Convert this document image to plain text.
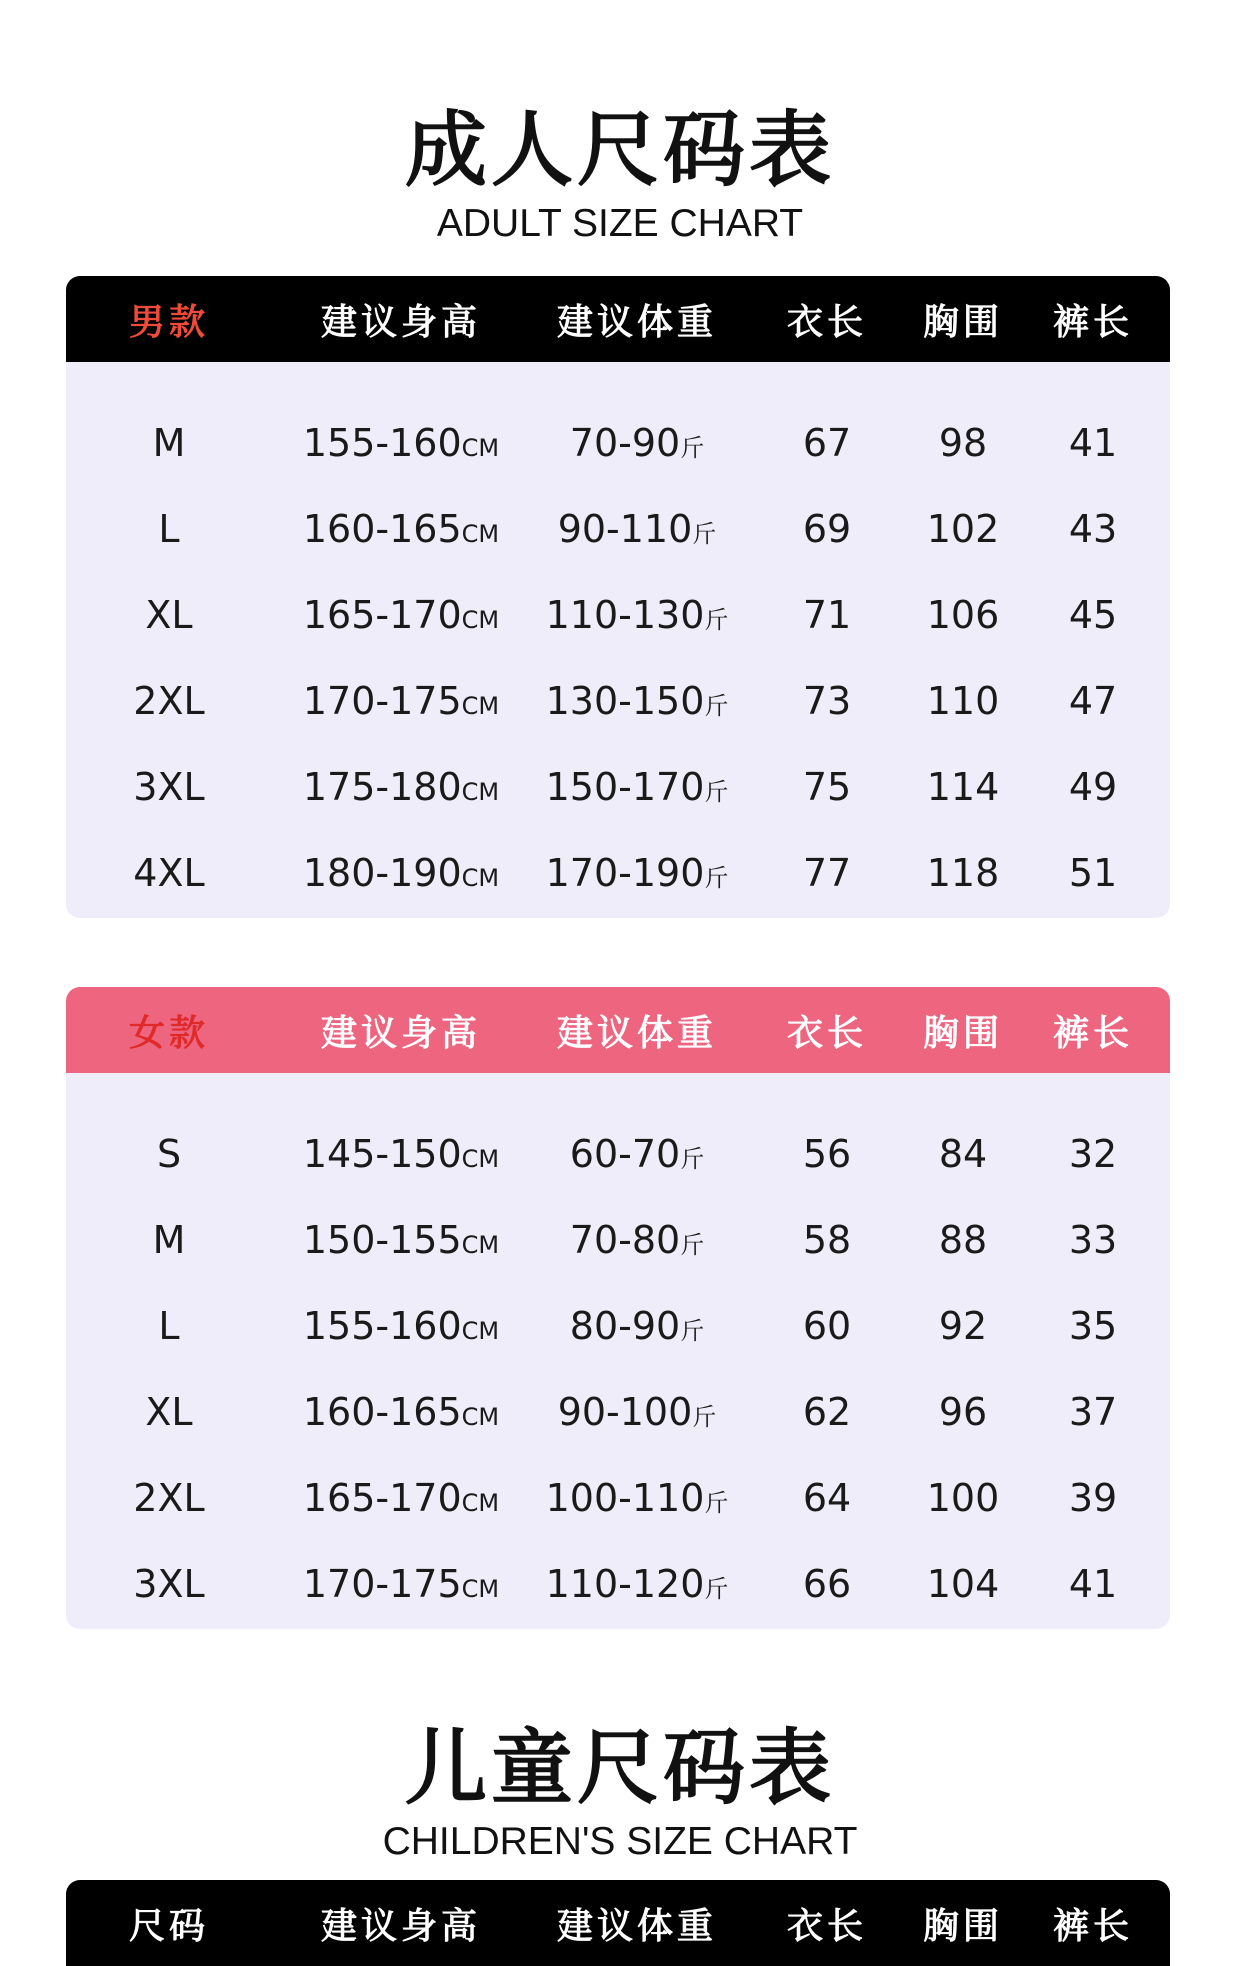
成人尺码表
ADULT SIZE CHART
男款	建议身高	建议体重	衣长	胸围	裤长
M	155-160CM	70-90斤	67	98	41
L	160-165CM	90-110斤	69	102	43
XL	165-170CM	110-130斤	71	106	45
2XL	170-175CM	130-150斤	73	110	47
3XL	175-180CM	150-170斤	75	114	49
4XL	180-190CM	170-190斤	77	118	51
女款	建议身高	建议体重	衣长	胸围	裤长
S	145-150CM	60-70斤	56	84	32
M	150-155CM	70-80斤	58	88	33
L	155-160CM	80-90斤	60	92	35
XL	160-165CM	90-100斤	62	96	37
2XL	165-170CM	100-110斤	64	100	39
3XL	170-175CM	110-120斤	66	104	41
儿童尺码表
CHILDREN'S SIZE CHART
尺码	建议身高	建议体重	衣长	胸围	裤长
